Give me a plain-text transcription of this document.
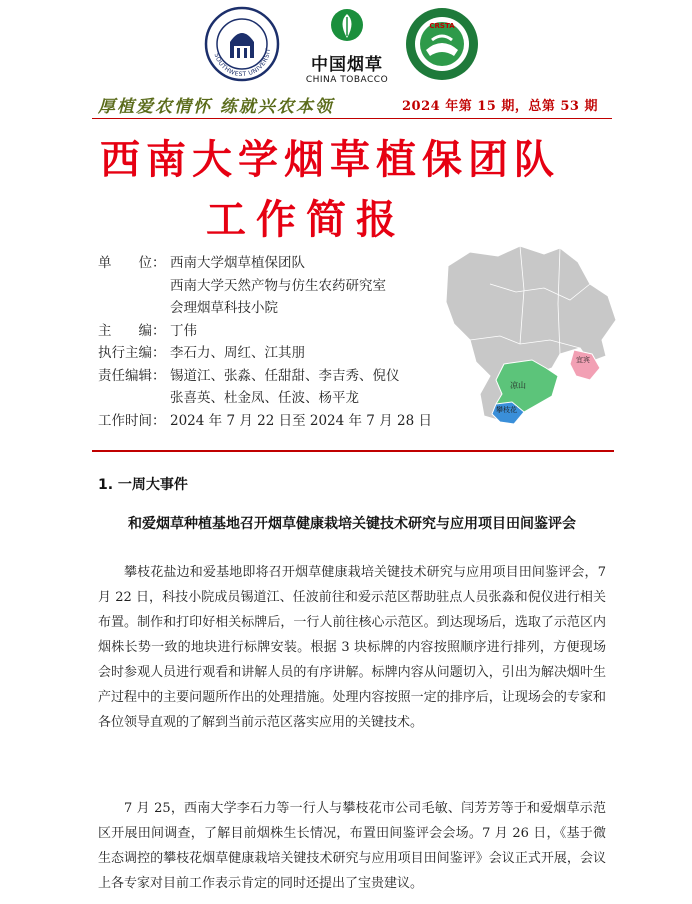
SOUTHWEST UNIVERSIT
中国烟草
CHINA TOBACCO
CRSTA
厚植爱农情怀 练就兴农本领	2024 年第 15 期，总第 53 期
西南大学烟草植保团队
工作简报
单　　位： 西南大学烟草植保团队
西南大学天然产物与仿生农药研究室
会理烟草科技小院
主　　编： 丁伟
执行主编： 李石力、周红、江其朋
责任编辑： 锡道江、张淼、任甜甜、李吉秀、倪仪
张喜英、杜金凤、任波、杨平龙
工作时间： 2024 年 7 月 22 日至 2024 年 7 月 28 日
凉山
攀枝花
宜宾
1. 一周大事件
和爱烟草种植基地召开烟草健康栽培关键技术研究与应用项目田间鉴评会
攀枝花盐边和爱基地即将召开烟草健康栽培关键技术研究与应用项目田间鉴评会，7 月 22 日，科技小院成员锡道江、任波前往和爱示范区帮助驻点人员张淼和倪仪进行相关布置。制作和打印好相关标牌后，一行人前往核心示范区。到达现场后，选取了示范区内烟株长势一致的地块进行标牌安装。根据 3 块标牌的内容按照顺序进行排列，方便现场会时参观人员进行观看和讲解人员的有序讲解。标牌内容从问题切入，引出为解决烟叶生产过程中的主要问题所作出的处理措施。处理内容按照一定的排序后，让现场会的专家和各位领导直观的了解到当前示范区落实应用的关键技术。
7 月 25，西南大学李石力等一行人与攀枝花市公司毛敏、闫芳芳等于和爱烟草示范区开展田间调查，了解目前烟株生长情况，布置田间鉴评会会场。7 月 26 日，《基于微生态调控的攀枝花烟草健康栽培关键技术研究与应用项目田间鉴评》会议正式开展，会议上各专家对目前工作表示肯定的同时还提出了宝贵建议。
